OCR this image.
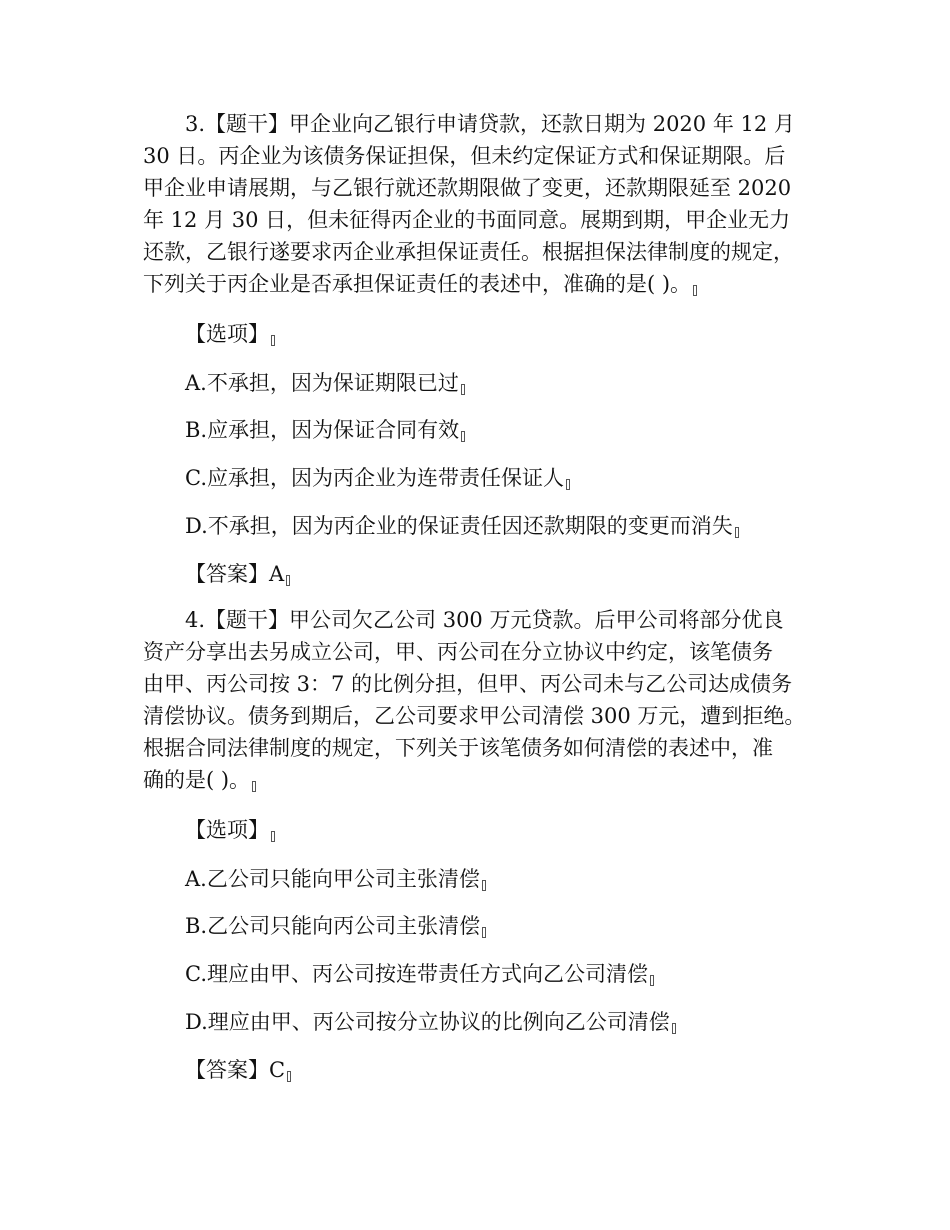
3.【题干】甲企业向乙银行申请贷款，还款日期为 2020 年 12 月
30 日。丙企业为该债务保证担保，但未约定保证方式和保证期限。后
甲企业申请展期，与乙银行就还款期限做了变更，还款期限延至 2020
年 12 月 30 日，但未征得丙企业的书面同意。展期到期，甲企业无力
还款，乙银行遂要求丙企业承担保证责任。根据担保法律制度的规定，
下列关于丙企业是否承担保证责任的表述中，准确的是( )。
【选项】
A.不承担，因为保证期限已过
B.应承担，因为保证合同有效
C.应承担，因为丙企业为连带责任保证人
D.不承担，因为丙企业的保证责任因还款期限的变更而消失
【答案】A
4.【题干】甲公司欠乙公司 300 万元贷款。后甲公司将部分优良
资产分享出去另成立公司，甲、丙公司在分立协议中约定，该笔债务
由甲、丙公司按 3：7 的比例分担，但甲、丙公司未与乙公司达成债务
清偿协议。债务到期后，乙公司要求甲公司清偿 300 万元，遭到拒绝。
根据合同法律制度的规定，下列关于该笔债务如何清偿的表述中，准
确的是( )。
【选项】
A.乙公司只能向甲公司主张清偿
B.乙公司只能向丙公司主张清偿
C.理应由甲、丙公司按连带责任方式向乙公司清偿
D.理应由甲、丙公司按分立协议的比例向乙公司清偿
【答案】C
